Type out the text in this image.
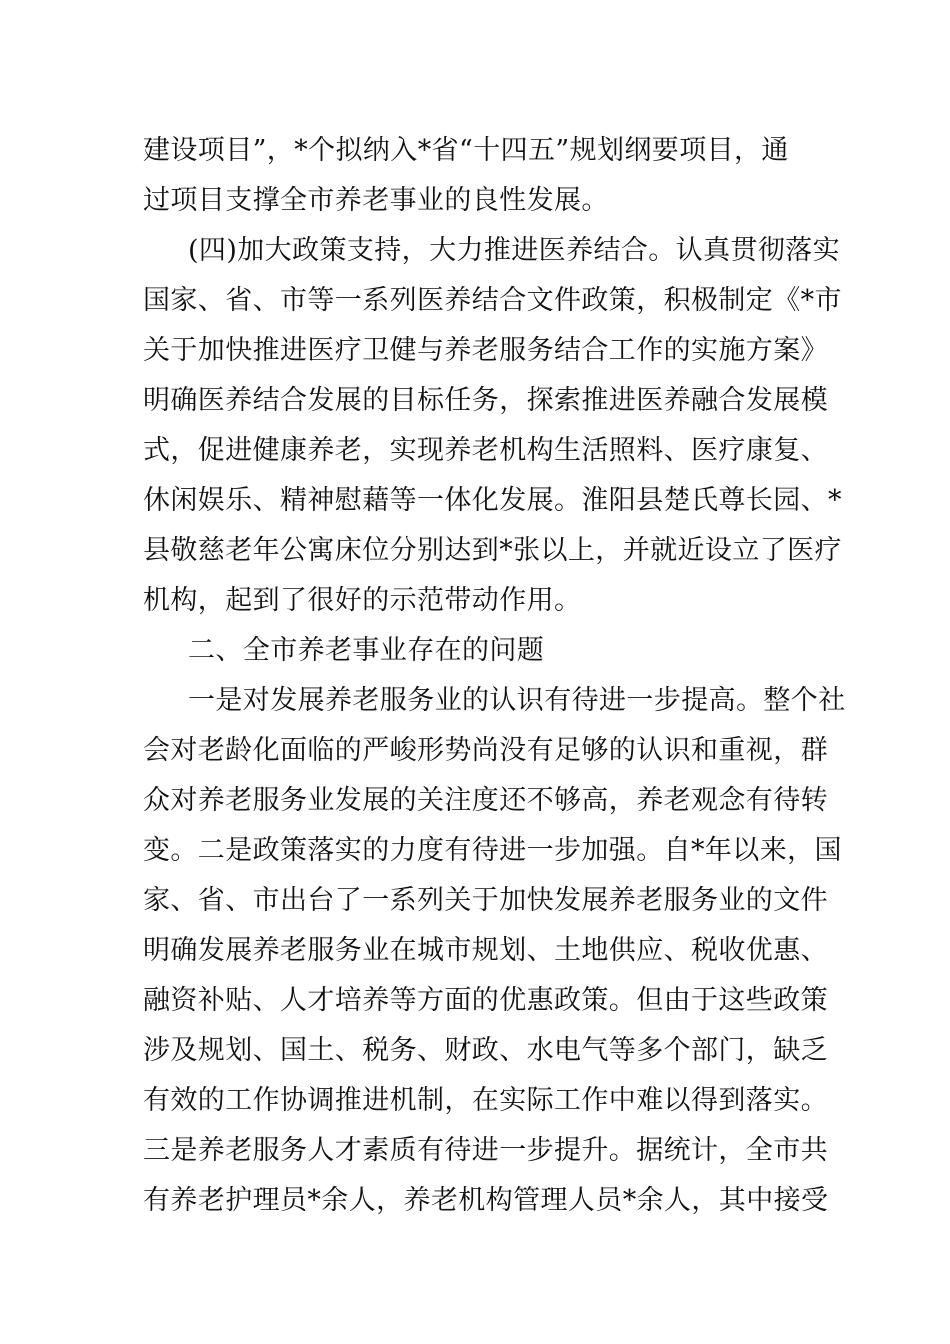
建设项目”，*个拟纳入*省“十四五”规划纲要项目，通
过项目支撑全市养老事业的良性发展。
(四)加大政策支持，大力推进医养结合。认真贯彻落实
国家、省、市等一系列医养结合文件政策，积极制定《*市
关于加快推进医疗卫健与养老服务结合工作的实施方案》
明确医养结合发展的目标任务，探索推进医养融合发展模
式，促进健康养老，实现养老机构生活照料、医疗康复、
休闲娱乐、精神慰藉等一体化发展。淮阳县楚氏尊长园、*
县敬慈老年公寓床位分别达到*张以上，并就近设立了医疗
机构，起到了很好的示范带动作用。
二、全市养老事业存在的问题
一是对发展养老服务业的认识有待进一步提高。整个社
会对老龄化面临的严峻形势尚没有足够的认识和重视，群
众对养老服务业发展的关注度还不够高，养老观念有待转
变。二是政策落实的力度有待进一步加强。自*年以来，国
家、省、市出台了一系列关于加快发展养老服务业的文件
明确发展养老服务业在城市规划、土地供应、税收优惠、
融资补贴、人才培养等方面的优惠政策。但由于这些政策
涉及规划、国土、税务、财政、水电气等多个部门，缺乏
有效的工作协调推进机制，在实际工作中难以得到落实。
三是养老服务人才素质有待进一步提升。据统计，全市共
有养老护理员*余人，养老机构管理人员*余人，其中接受
